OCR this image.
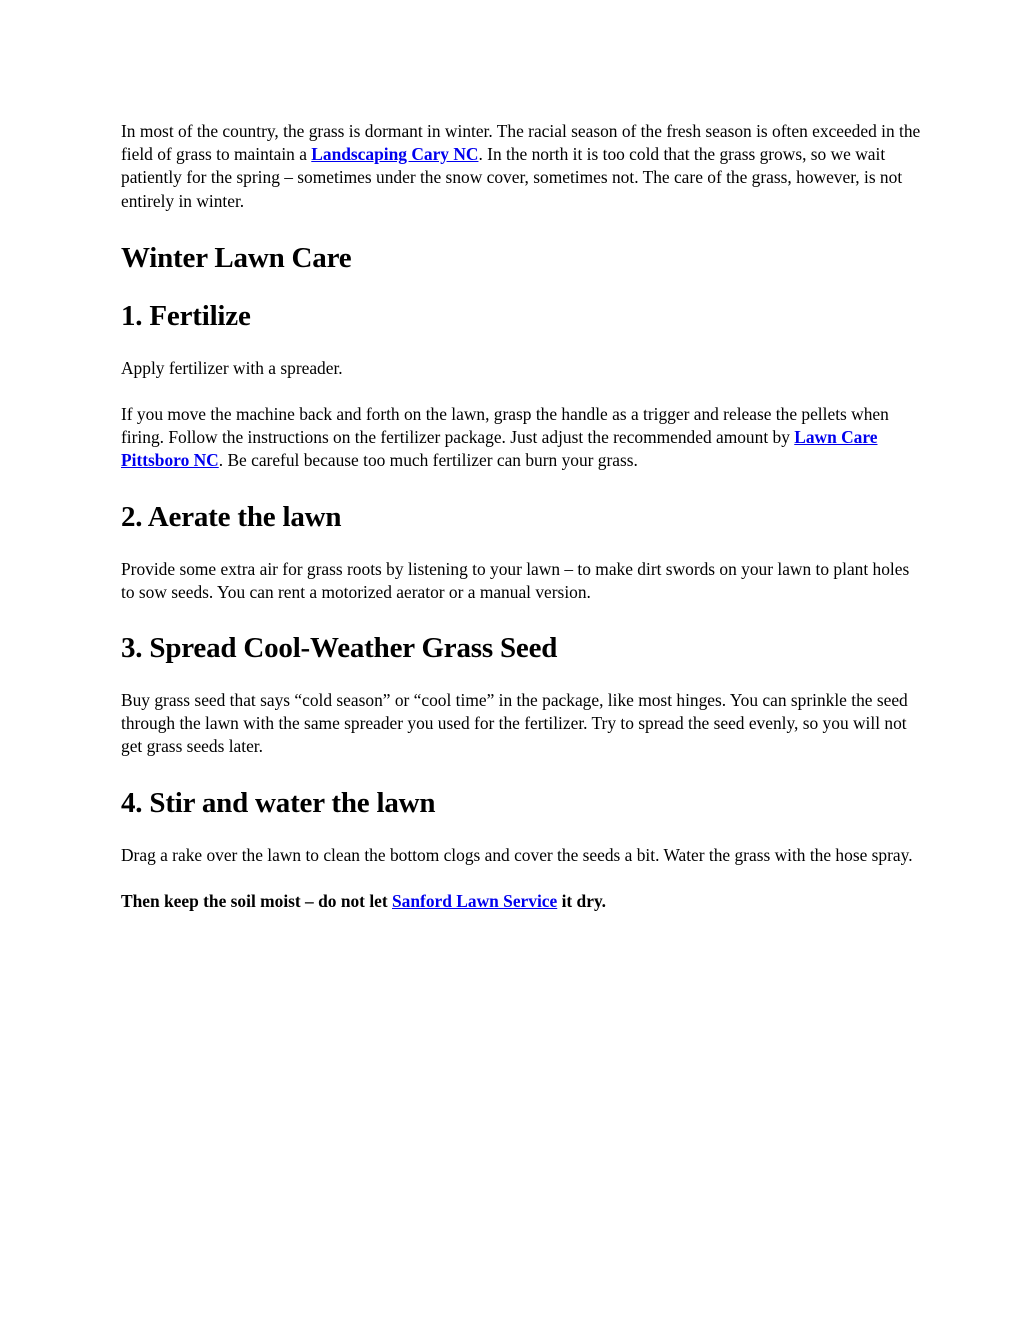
In most of the country, the grass is dormant in winter. The racial season of the fresh season is often exceeded in the field of grass to maintain a Landscaping Cary NC. In the north it is too cold that the grass grows, so we wait patiently for the spring – sometimes under the snow cover, sometimes not. The care of the grass, however, is not entirely in winter.

Winter Lawn Care
1. Fertilize

Apply fertilizer with a spreader.

If you move the machine back and forth on the lawn, grasp the handle as a trigger and release the pellets when firing. Follow the instructions on the fertilizer package. Just adjust the recommended amount by Lawn Care Pittsboro NC. Be careful because too much fertilizer can burn your grass.

2. Aerate the lawn

Provide some extra air for grass roots by listening to your lawn – to make dirt swords on your lawn to plant holes to sow seeds. You can rent a motorized aerator or a manual version.

3. Spread Cool-Weather Grass Seed

Buy grass seed that says “cold season” or “cool time” in the package, like most hinges. You can sprinkle the seed through the lawn with the same spreader you used for the fertilizer. Try to spread the seed evenly, so you will not get grass seeds later.

4. Stir and water the lawn

Drag a rake over the lawn to clean the bottom clogs and cover the seeds a bit. Water the grass with the hose spray.

Then keep the soil moist – do not let Sanford Lawn Service it dry.
